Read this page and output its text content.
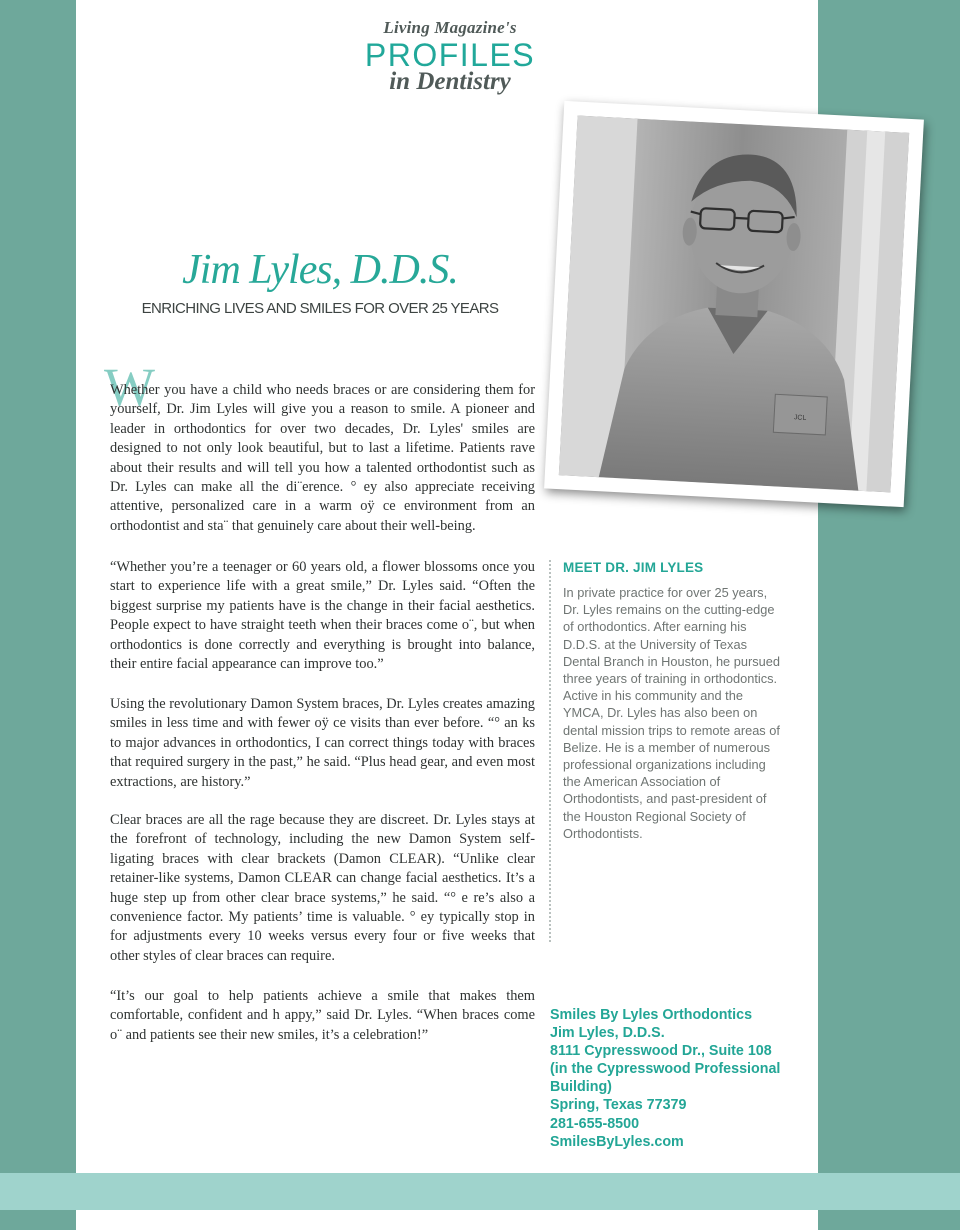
Living Magazine's
PROFILES
in Dentistry
JCL
Jim Lyles, D.D.S.
ENRICHING LIVES AND SMILES FOR OVER 25 YEARS
W

Whether you have a child who needs braces or are considering them for yourself, Dr. Jim Lyles will give you a reason to smile. A pioneer and leader in orthodontics for over two decades, Dr. Lyles' smiles are designed to not only look beautiful, but to last a lifetime. Patients rave about their results and will tell you how a talented orthodontist such as Dr. Lyles can make all the di¨erence. ° ey also appreciate receiving attentive, personalized care in a warm oÿ ce environment from an orthodontist and sta¨ that genuinely care about their well-being.

“Whether you’re a teenager or 60 years old, a flower blossoms once you start to experience life with a great smile,” Dr. Lyles said. “Often the biggest surprise my patients have is the change in their facial aesthetics. People expect to have straight teeth when their braces come o¨, but when orthodontics is done correctly and everything is brought into balance, their entire facial appearance can improve too.”

Using the revolutionary Damon System braces, Dr. Lyles creates amazing smiles in less time and with fewer oÿ ce visits than ever before. “° an ks to major advances in orthodontics, I can correct things today with braces that required surgery in the past,” he said. “Plus head gear, and even most extractions, are history.”

Clear braces are all the rage because they are discreet. Dr. Lyles stays at the forefront of technology, including the new Damon System self-ligating braces with clear brackets (Damon CLEAR). “Unlike clear retainer-like systems, Damon CLEAR can change facial aesthetics. It’s a huge step up from other clear brace systems,” he said. “° e re’s also a convenience factor. My patients’ time is valuable. ° ey typically stop in for adjustments every 10 weeks versus every four or five weeks that other styles of clear braces can require.

“It’s our goal to help patients achieve a smile that makes them comfortable, confident and h appy,” said Dr. Lyles. “When braces come o¨ and patients see their new smiles, it’s a celebration!”

MEET DR. JIM LYLES
In private practice for over 25 years, Dr. Lyles remains on the cutting-edge of orthodontics. After earning his D.D.S. at the University of Texas Dental Branch in Houston, he pursued three years of training in orthodontics. Active in his community and the YMCA, Dr. Lyles has also been on dental mission trips to remote areas of Belize. He is a member of numerous professional organizations including the American Association of Orthodontists, and past-president of the Houston Regional Society of Orthodontists.
Smiles By Lyles Orthodontics
Jim Lyles, D.D.S.
8111 Cypresswood Dr., Suite 108
(in the Cypresswood Professional Building)
Spring, Texas 77379
281-655-8500
SmilesByLyles.com
